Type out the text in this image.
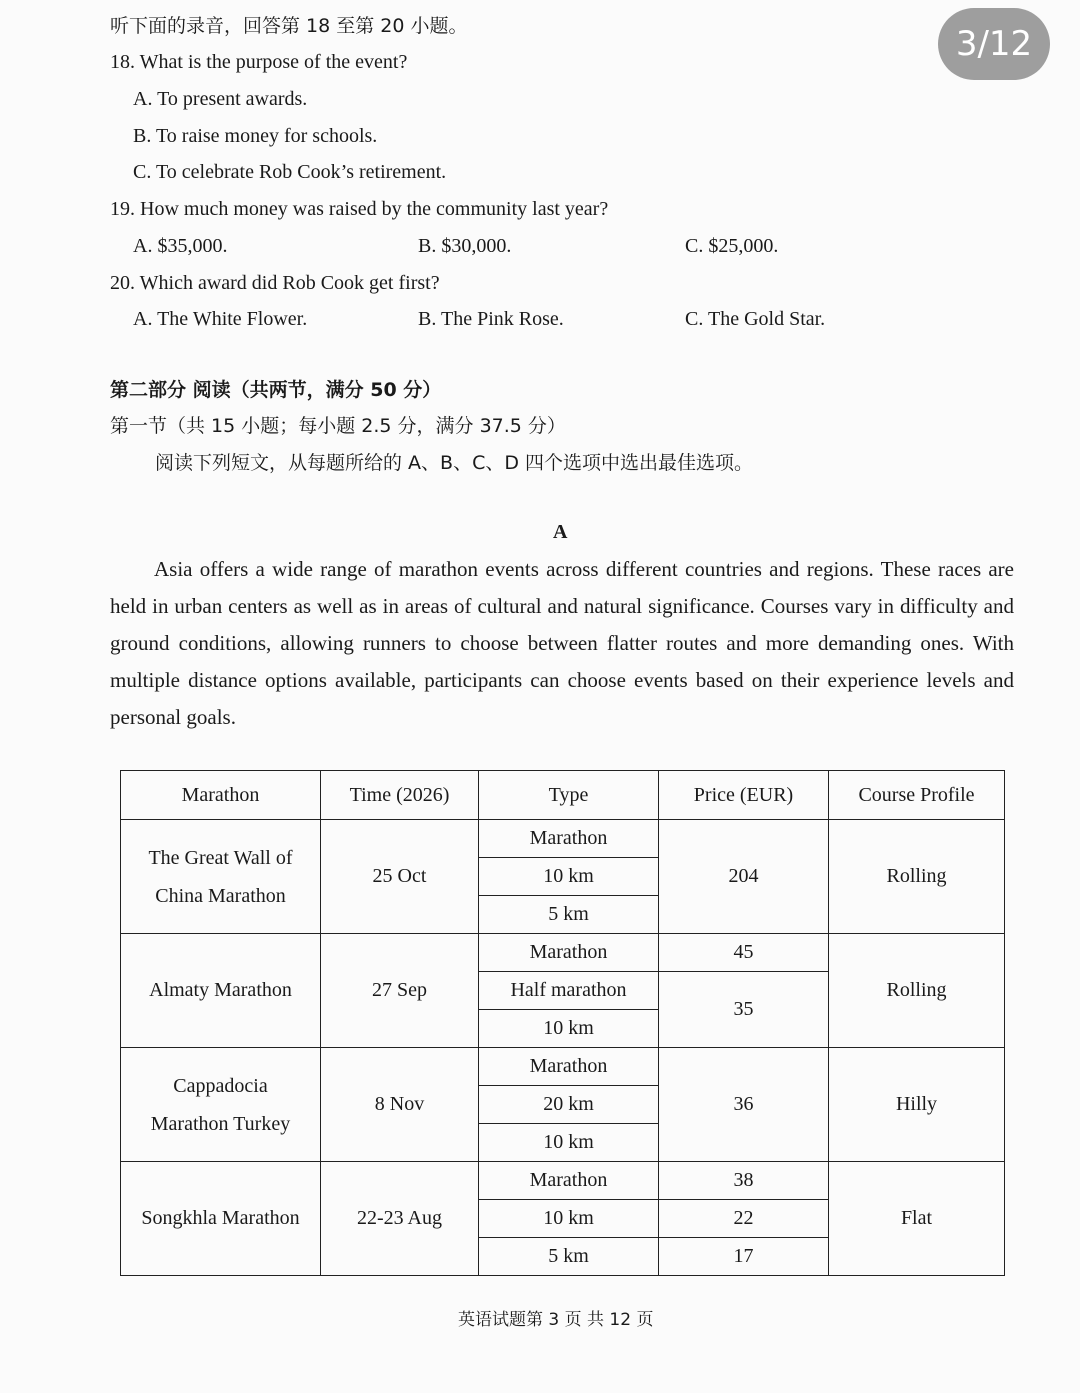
3/12
听下面的录音，回答第 18 至第 20 小题。
18. What is the purpose of the event?
A. To present awards.
B. To raise money for schools.
C. To celebrate Rob Cook’s retirement.
19. How much money was raised by the community last year?
A. $35,000.	B. $30,000.	C. $25,000.
20. Which award did Rob Cook get first?
A. The White Flower.	B. The Pink Rose.	C. The Gold Star.
第二部分 阅读（共两节，满分 50 分）
第一节（共 15 小题；每小题 2.5 分，满分 37.5 分）
阅读下列短文，从每题所给的 A、B、C、D 四个选项中选出最佳选项。
A

Asia offers a wide range of marathon events across different countries and regions. These races are held in urban centers as well as in areas of cultural and natural significance. Courses vary in difficulty and ground conditions, allowing runners to choose between flatter routes and more demanding ones. With multiple distance options available, participants can choose events based on their experience levels and personal goals.

Marathon	Time (2026)	Type	Price (EUR)	Course Profile
The Great Wall of
China Marathon	25 Oct	Marathon	204	Rolling
		10 km		
		5 km		
Almaty Marathon	27 Sep	Marathon	45	Rolling
		Half marathon	35	
		10 km		
Cappadocia
Marathon Turkey	8 Nov	Marathon	36	Hilly
		20 km		
		10 km		
Songkhla Marathon	22-23 Aug	Marathon	38	Flat
		10 km	22	
		5 km	17	
英语试题第 3 页 共 12 页
